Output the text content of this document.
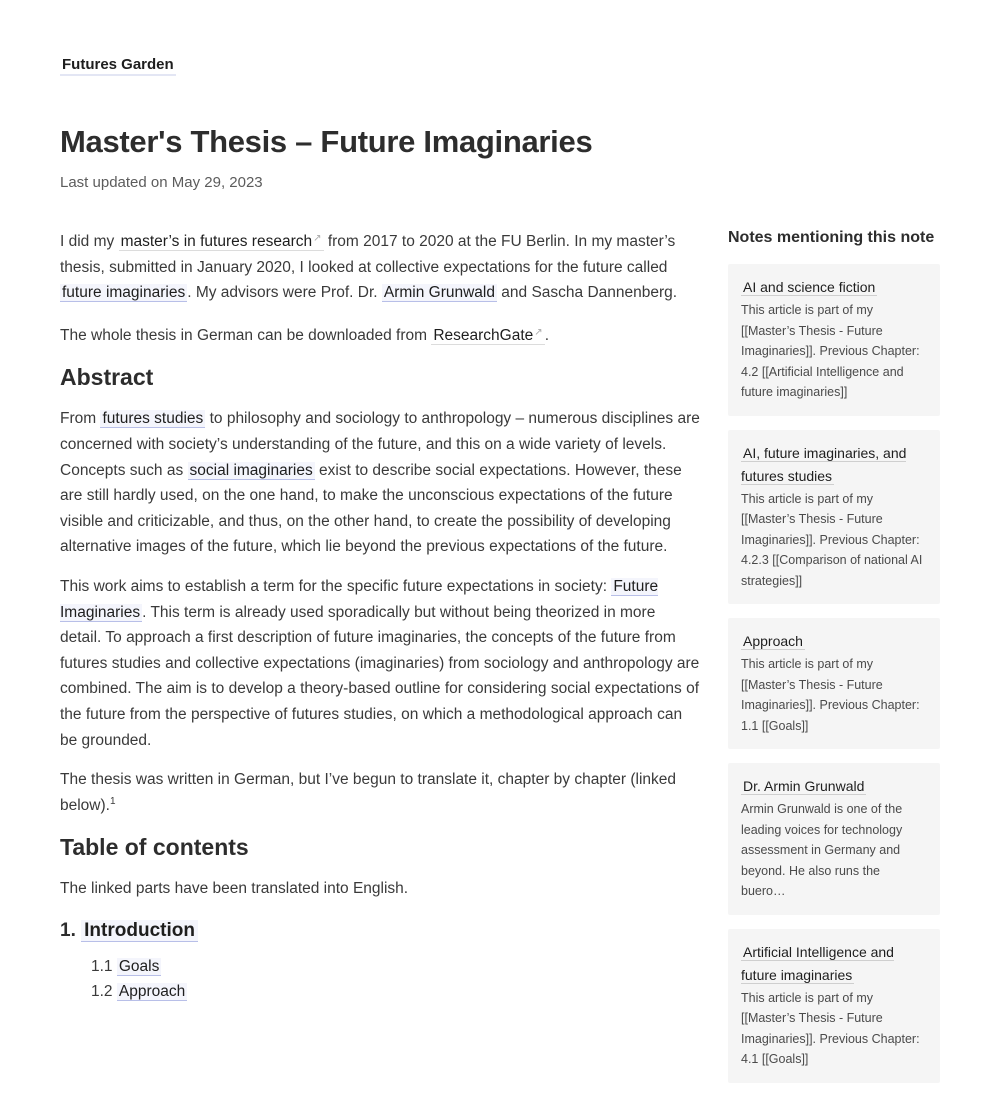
Futures Garden
Master's Thesis – Future Imaginaries
Last updated on May 29, 2023

I did my master’s in futures research↗ from 2017 to 2020 at the FU Berlin. In my master’s thesis, submitted in January 2020, I looked at collective expectations for the future called future imaginaries . My advisors were Prof. Dr. Armin Grunwald and Sascha Dannenberg.

The whole thesis in German can be downloaded from ResearchGate↗ .

Abstract

From futures studies to philosophy and sociology to anthropology – numerous disciplines are concerned with society’s understanding of the future, and this on a wide variety of levels. Concepts such as social imaginaries exist to describe social expectations. However, these are still hardly used, on the one hand, to make the unconscious expectations of the future visible and criticizable, and thus, on the other hand, to create the possibility of developing alternative images of the future, which lie beyond the previous expectations of the future.

This work aims to establish a term for the specific future expectations in society: Future Imaginaries . This term is already used sporadically but without being theorized in more detail. To approach a first description of future imaginaries, the concepts of the future from futures studies and collective expectations (imaginaries) from sociology and anthropology are combined. The aim is to develop a theory-based outline for considering social expectations of the future from the perspective of futures studies, on which a methodological approach can be grounded.

The thesis was written in German, but I’ve begun to translate it, chapter by chapter (linked below).$^1$

Table of contents

The linked parts have been translated into English.

1. Introduction
1.1 Goals
1.2 Approach
Notes mentioning this note
AI and science fiction
This article is part of my [[Master’s Thesis - Future Imaginaries]]. Previous Chapter: 4.2 [[Artificial Intelligence and future imaginaries]]
AI, future imaginaries, and futures studies
This article is part of my [[Master’s Thesis - Future Imaginaries]]. Previous Chapter: 4.2.3 [[Comparison of national AI strategies]]
Approach
This article is part of my [[Master’s Thesis - Future Imaginaries]]. Previous Chapter: 1.1 [[Goals]]
Dr. Armin Grunwald
Armin Grunwald is one of the leading voices for technology assessment in Germany and beyond. He also runs the buero…
Artificial Intelligence and future imaginaries
This article is part of my [[Master’s Thesis - Future Imaginaries]]. Previous Chapter: 4.1 [[Goals]]
